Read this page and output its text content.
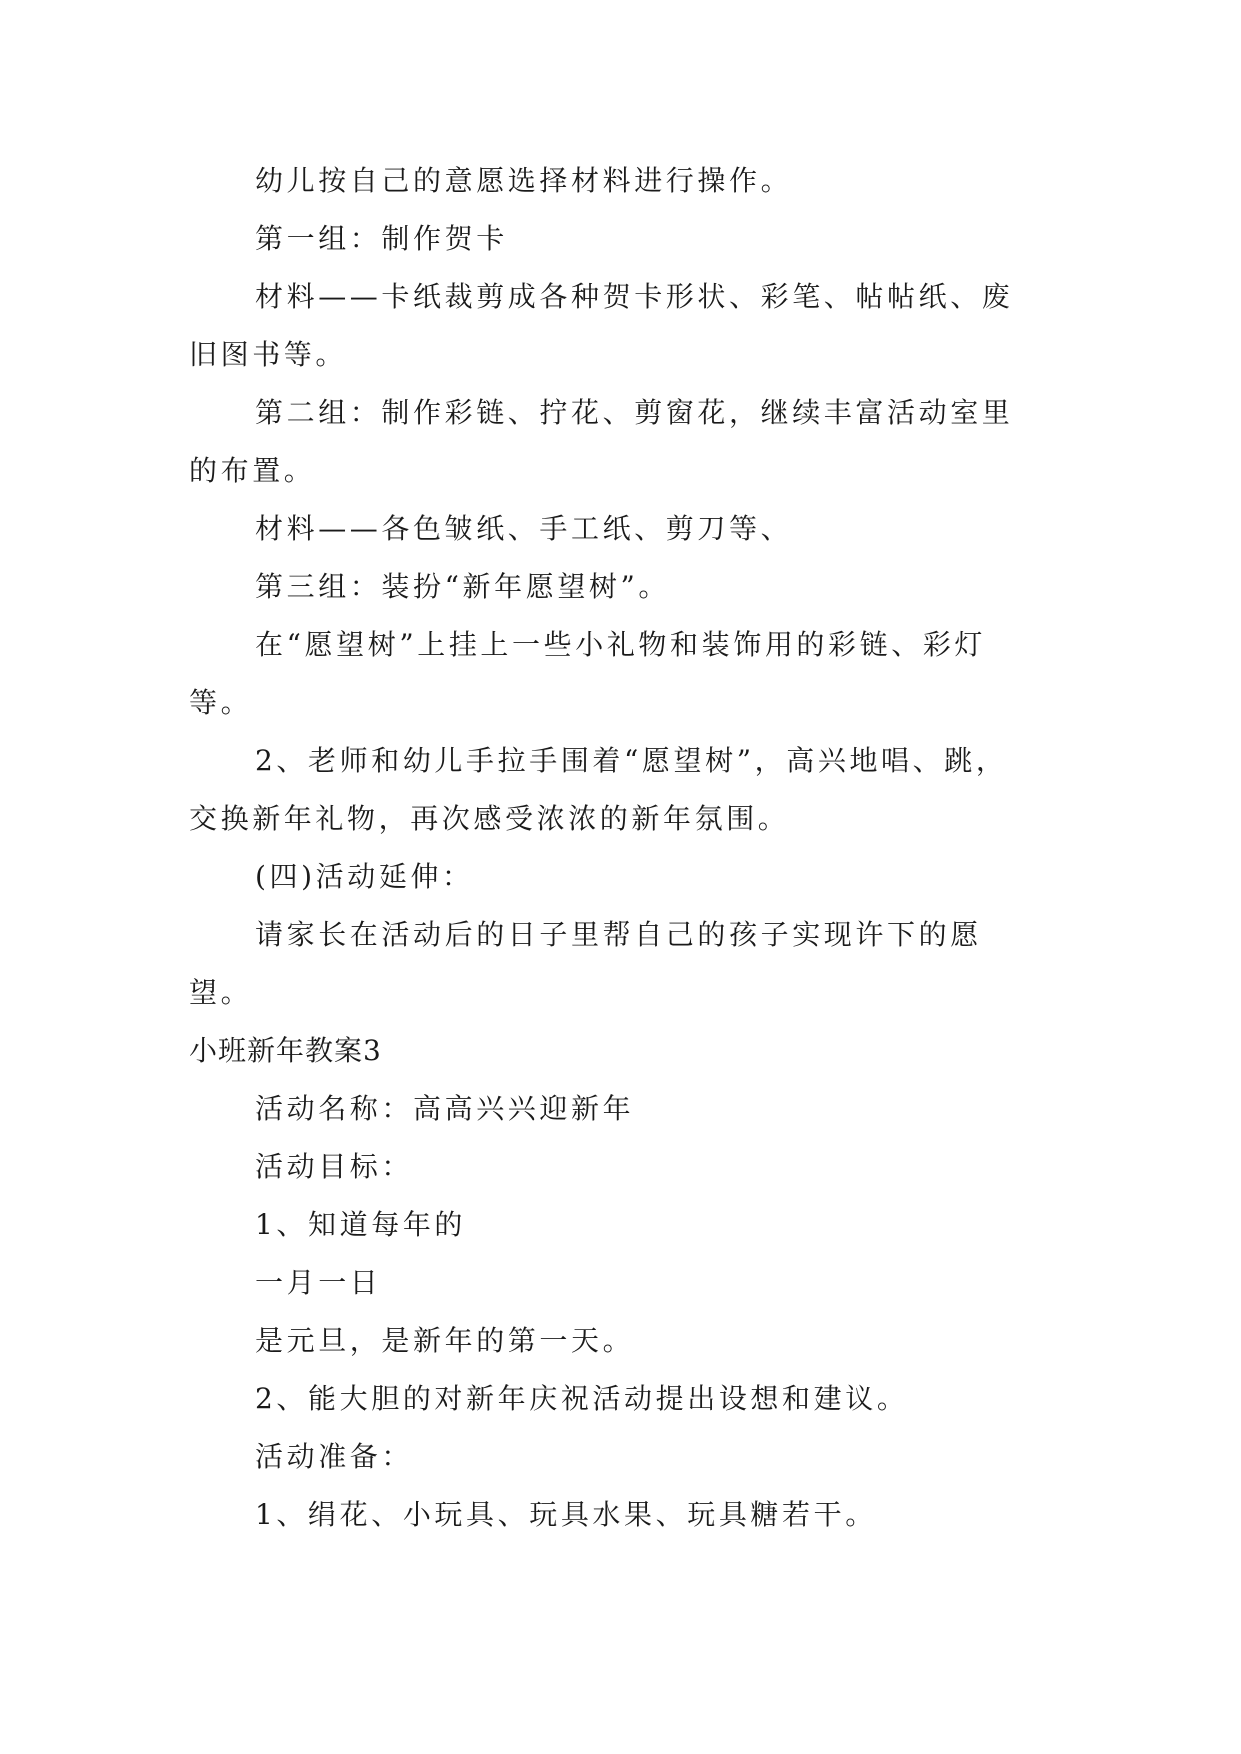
幼儿按自己的意愿选择材料进行操作。
第一组：制作贺卡
材料——卡纸裁剪成各种贺卡形状、彩笔、帖帖纸、废
旧图书等。
第二组：制作彩链、拧花、剪窗花，继续丰富活动室里
的布置。
材料——各色皱纸、手工纸、剪刀等、
第三组：装扮“新年愿望树”。
在“愿望树”上挂上一些小礼物和装饰用的彩链、彩灯
等。
2、老师和幼儿手拉手围着“愿望树”，高兴地唱、跳，
交换新年礼物，再次感受浓浓的新年氛围。
(四)活动延伸：
请家长在活动后的日子里帮自己的孩子实现许下的愿
望。
小班新年教案3
活动名称：高高兴兴迎新年
活动目标：
1、知道每年的
一月一日
是元旦，是新年的第一天。
2、能大胆的对新年庆祝活动提出设想和建议。
活动准备：
1、绢花、小玩具、玩具水果、玩具糖若干。
